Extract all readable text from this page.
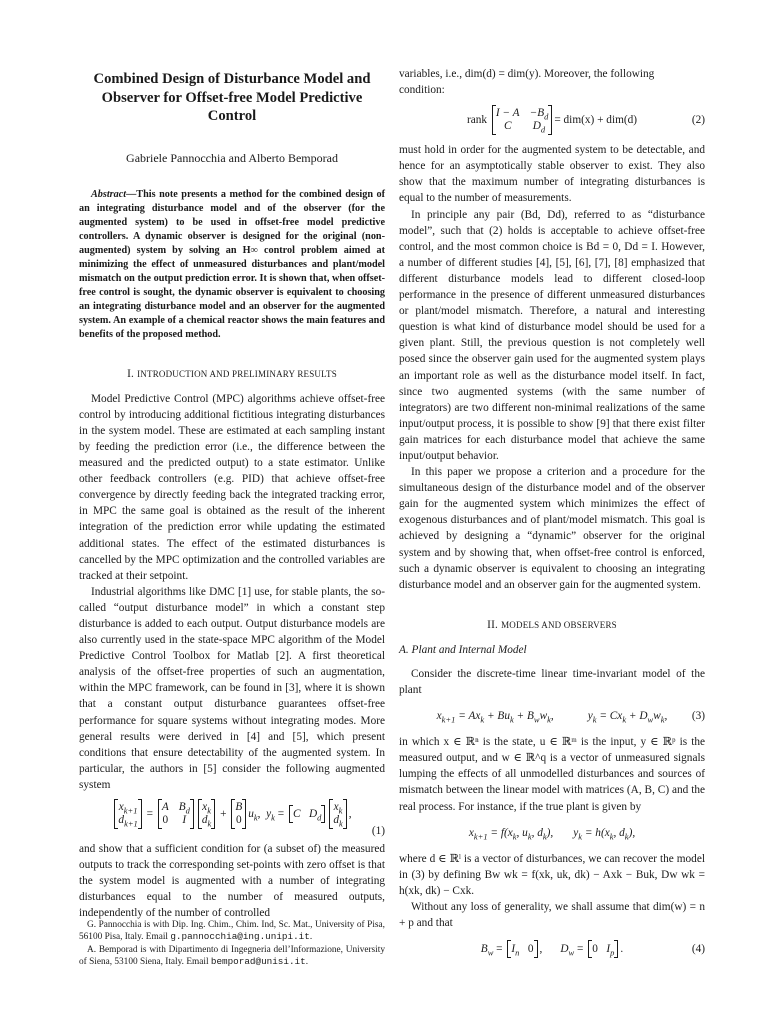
Combined Design of Disturbance Model and Observer for Offset-free Model Predictive Control
Gabriele Pannocchia and Alberto Bemporad
Abstract—This note presents a method for the combined design of an integrating disturbance model and of the observer (for the augmented system) to be used in offset-free model predictive controllers. A dynamic observer is designed for the original (non-augmented) system by solving an H∞ control problem aimed at minimizing the effect of unmeasured disturbances and plant/model mismatch on the output prediction error. It is shown that, when offset-free control is sought, the dynamic observer is equivalent to choosing an integrating disturbance model and an observer for the augmented system. An example of a chemical reactor shows the main features and benefits of the proposed method.
I. INTRODUCTION AND PRELIMINARY RESULTS

Model Predictive Control (MPC) algorithms achieve offset-free control by introducing additional fictitious integrating disturbances in the system model. These are estimated at each sampling instant by feeding the prediction error (i.e., the difference between the measured and the predicted output) to a state estimator. Unlike other feedback controllers (e.g. PID) that achieve offset-free convergence by directly feeding back the integrated tracking error, in MPC the same goal is obtained as the result of the inherent integration of the prediction error while updating the estimated additional states. The effect of the estimated disturbances is cancelled by the MPC optimization and the controlled variables are tracked at their setpoint.

Industrial algorithms like DMC [1] use, for stable plants, the so-called “output disturbance model” in which a constant step disturbance is added to each output. Output disturbance models are also currently used in the state-space MPC algorithm of the Model Predictive Control Toolbox for Matlab [2]. A first theoretical analysis of the offset-free properties of such an augmentation, within the MPC framework, can be found in [3], where it is shown that a constant output disturbance guarantees offset-free performance for square systems without integrating modes. More general results were derived in [4] and [5], which present conditions that ensure detectability of the augmented system. In particular, the authors in [5] consider the following augmented system

$x_{k+1}$
$d_{k+1}$
=
A $B_d$
0	I
$x_k$
$d_k$
+
B
0
$u_k$ , $y_k = C$   $D_d$
$x_k$
$d_k$
,
(1)

and show that a sufficient condition for (a subset of) the measured outputs to track the corresponding set-points with zero offset is that the system model is augmented with a number of integrating disturbances equal to the number of measured outputs, independently of the number of controlled

variables, i.e., dim(d) = dim(y). Moreover, the following

condition:

rank

$I - A -B_d$
C	$D_d$
= dim(x) + dim(d)	(2)

must hold in order for the augmented system to be detectable, and hence for an asymptotically stable observer to exist. They also show that the maximum number of integrating disturbances is equal to the number of measurements.

In principle any pair (Bd, Dd), referred to as “disturbance model”, such that (2) holds is acceptable to achieve offset-free control, and the most common choice is Bd = 0, Dd = I. However, a number of different studies [4], [5], [6], [7], [8] emphasized that different disturbance models lead to different closed-loop performance in the presence of different unmeasured disturbances or plant/model mismatch. Therefore, a natural and interesting question is what kind of disturbance model should be used for a given plant. Still, the previous question is not completely well posed since the observer gain used for the augmented system plays an important role as well as the disturbance model itself. In fact, since two augmented systems (with the same number of integrators) are two different non-minimal realizations of the same input/output process, it is possible to show [9] that there exist filter gain matrices for each disturbance model that achieve the same input/output behavior.

In this paper we propose a criterion and a procedure for the simultaneous design of the disturbance model and of the observer gain for the augmented system which minimizes the effect of exogenous disturbances and of plant/model mismatch. This goal is achieved by designing a “dynamic” observer for the original system and by showing that, when offset-free control is enforced, such a dynamic observer is equivalent to choosing an integrating disturbance model and an observer gain for the augmented system.

II. MODELS AND OBSERVERS
A. Plant and Internal Model

Consider the discrete-time linear time-invariant model of the plant

$x_{k+1} = Ax_k + Bu_k + B_ww_k$,	$y_k = Cx_k + D_ww_k$, (3)

in which x ∈ ℝⁿ is the state, u ∈ ℝᵐ is the input, y ∈ ℝᵖ is the measured output, and w ∈ ℝ^q is a vector of unmeasured signals lumping the effects of all unmodelled disturbances and sources of mismatch between the linear model with matrices (A, B, C) and the real process. For instance, if the true plant is given by

$x_{k+1} = f(x_k$, $u_k$, $d_k$), $y_k = h(x_k$, $d_k$),

where d ∈ ℝˡ is a vector of disturbances, we can recover the model in (3) by defining Bw wk = f(xk, uk, dk) − Axk − Buk, Dw wk = h(xk, dk) − Cxk.

Without any loss of generality, we shall assume that dim(w) = n + p and that

$B_w = I_n$ 0 , $D_w = 0$   $I_p$ .	(4)

G. Pannocchia is with Dip. Ing. Chim., Chim. Ind, Sc. Mat., University of Pisa, 56100 Pisa, Italy. Email g.pannocchia@ing.unipi.it.

A. Bemporad is with Dipartimento di Ingegneria dell’Informazione, University of Siena, 53100 Siena, Italy. Email bemporad@unisi.it.
